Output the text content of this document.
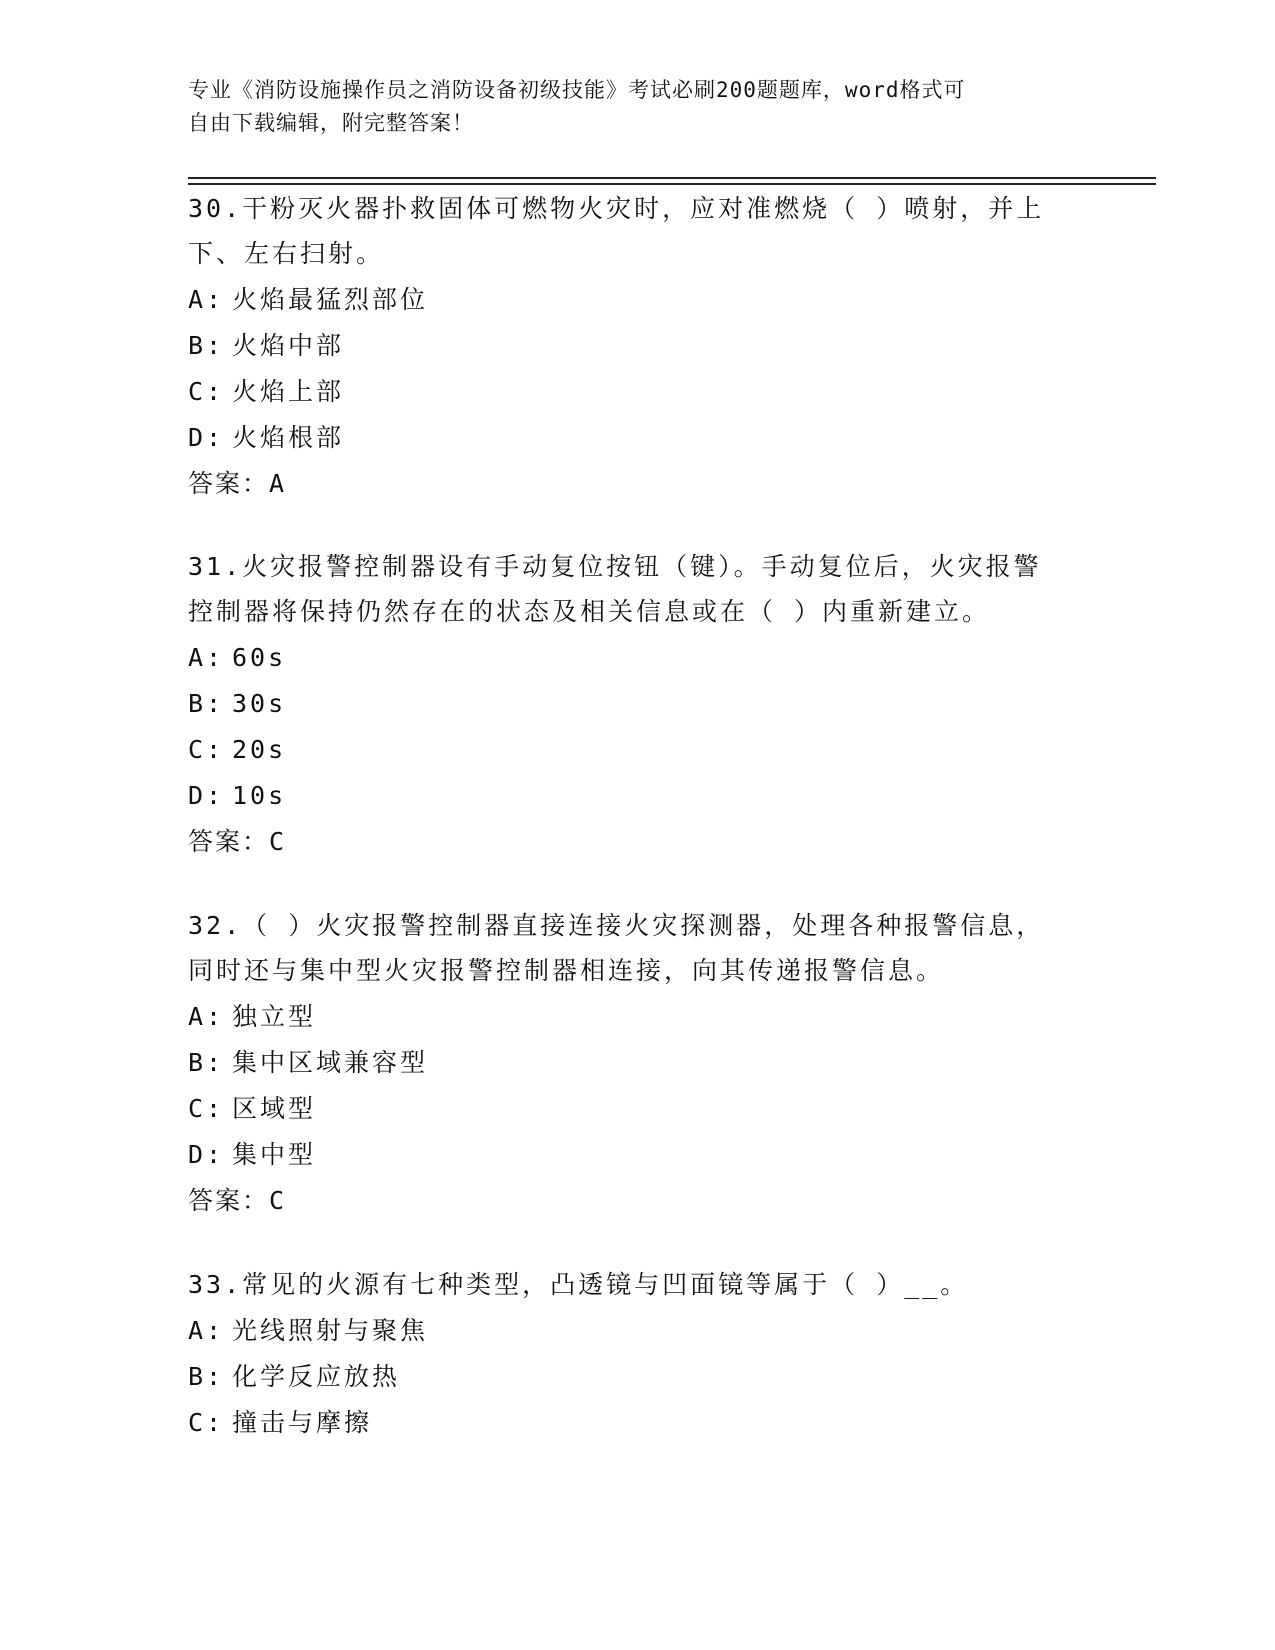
专业《消防设施操作员之消防设备初级技能》考试必刷200题题库，word格式可
自由下载编辑，附完整答案！
30.干粉灭火器扑救固体可燃物火灾时，应对准燃烧（ ）喷射，并上
下、左右扫射。
A: 火焰最猛烈部位
B: 火焰中部
C: 火焰上部
D: 火焰根部
答案：A
31.火灾报警控制器设有手动复位按钮（键）。手动复位后，火灾报警
控制器将保持仍然存在的状态及相关信息或在（ ）内重新建立。
A: 60s
B: 30s
C: 20s
D: 10s
答案：C
32.（ ）火灾报警控制器直接连接火灾探测器，处理各种报警信息，
同时还与集中型火灾报警控制器相连接，向其传递报警信息。
A: 独立型
B: 集中区域兼容型
C: 区域型
D: 集中型
答案：C
33.常见的火源有七种类型，凸透镜与凹面镜等属于（ ）__。
A: 光线照射与聚焦
B: 化学反应放热
C: 撞击与摩擦
